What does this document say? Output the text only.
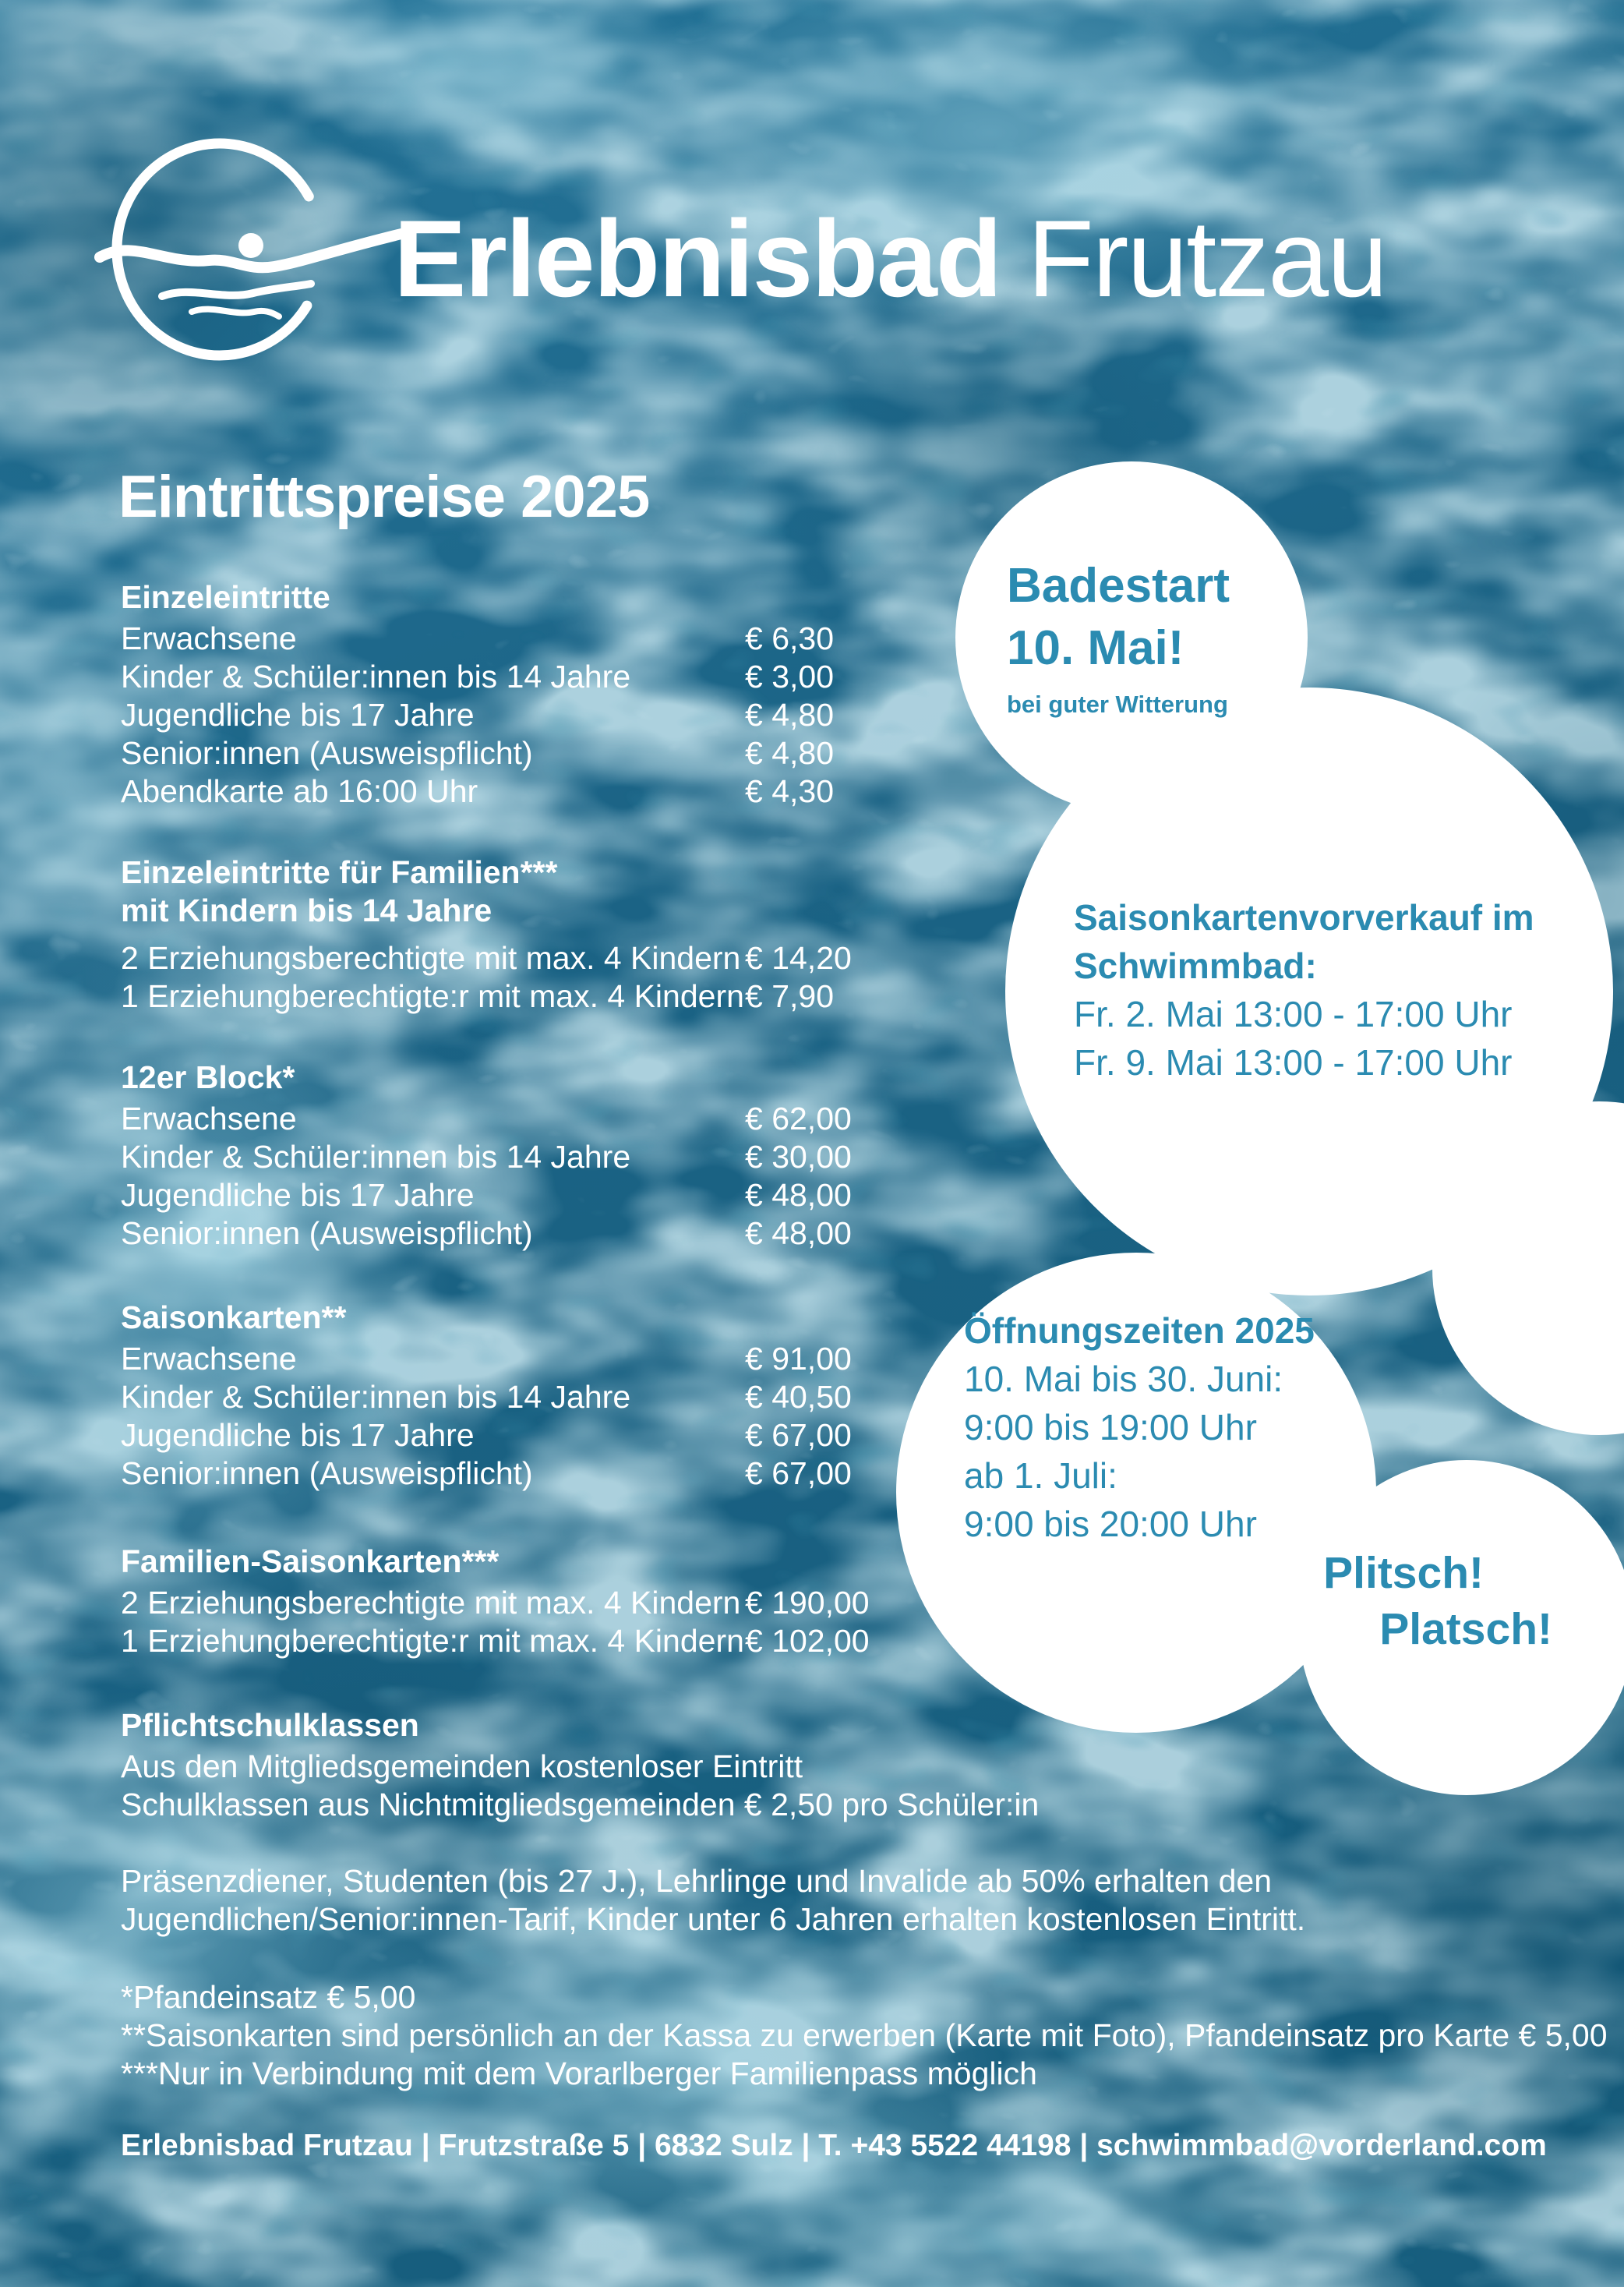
Erlebnisbad Frutzau
Eintrittspreise 2025
Einzeleintritte
Erwachsene	€ 6,30
Kinder & Schüler:innen bis 14 Jahre	€ 3,00
Jugendliche bis 17 Jahre	€ 4,80
Senior:innen (Ausweispflicht)	€ 4,80
Abendkarte ab 16:00 Uhr	€ 4,30
Einzeleintritte für Familien***
mit Kindern bis 14 Jahre
2 Erziehungsberechtigte mit max. 4 Kindern € 14,20
1 Erziehungberechtigte:r mit max. 4 Kindern € 7,90
12er Block*
Erwachsene	€ 62,00
Kinder & Schüler:innen bis 14 Jahre	€ 30,00
Jugendliche bis 17 Jahre	€ 48,00
Senior:innen (Ausweispflicht)	€ 48,00
Saisonkarten**
Erwachsene	€ 91,00
Kinder & Schüler:innen bis 14 Jahre	€ 40,50
Jugendliche bis 17 Jahre	€ 67,00
Senior:innen (Ausweispflicht)	€ 67,00
Familien-Saisonkarten***
2 Erziehungsberechtigte mit max. 4 Kindern € 190,00
1 Erziehungberechtigte:r mit max. 4 Kindern € 102,00
Pflichtschulklassen
Aus den Mitgliedsgemeinden kostenloser Eintritt
Schulklassen aus Nichtmitgliedsgemeinden € 2,50 pro Schüler:in
Präsenzdiener, Studenten (bis 27 J.), Lehrlinge und Invalide ab 50% erhalten den
Jugendlichen/Senior:innen-Tarif, Kinder unter 6 Jahren erhalten kostenlosen Eintritt.
*Pfandeinsatz € 5,00
**Saisonkarten sind persönlich an der Kassa zu erwerben (Karte mit Foto), Pfandeinsatz pro Karte € 5,00
***Nur in Verbindung mit dem Vorarlberger Familienpass möglich
Erlebnisbad Frutzau | Frutzstraße 5 | 6832 Sulz | T. +43 5522 44198 | schwimmbad@vorderland.com
Badestart
10. Mai!
bei guter Witterung
Saisonkartenvorverkauf im
Schwimmbad:
Fr. 2. Mai 13:00 - 17:00 Uhr
Fr. 9. Mai 13:00 - 17:00 Uhr
Öffnungszeiten 2025
10. Mai bis 30. Juni:
9:00 bis 19:00 Uhr
ab 1. Juli:
9:00 bis 20:00 Uhr
Plitsch!
Platsch!
